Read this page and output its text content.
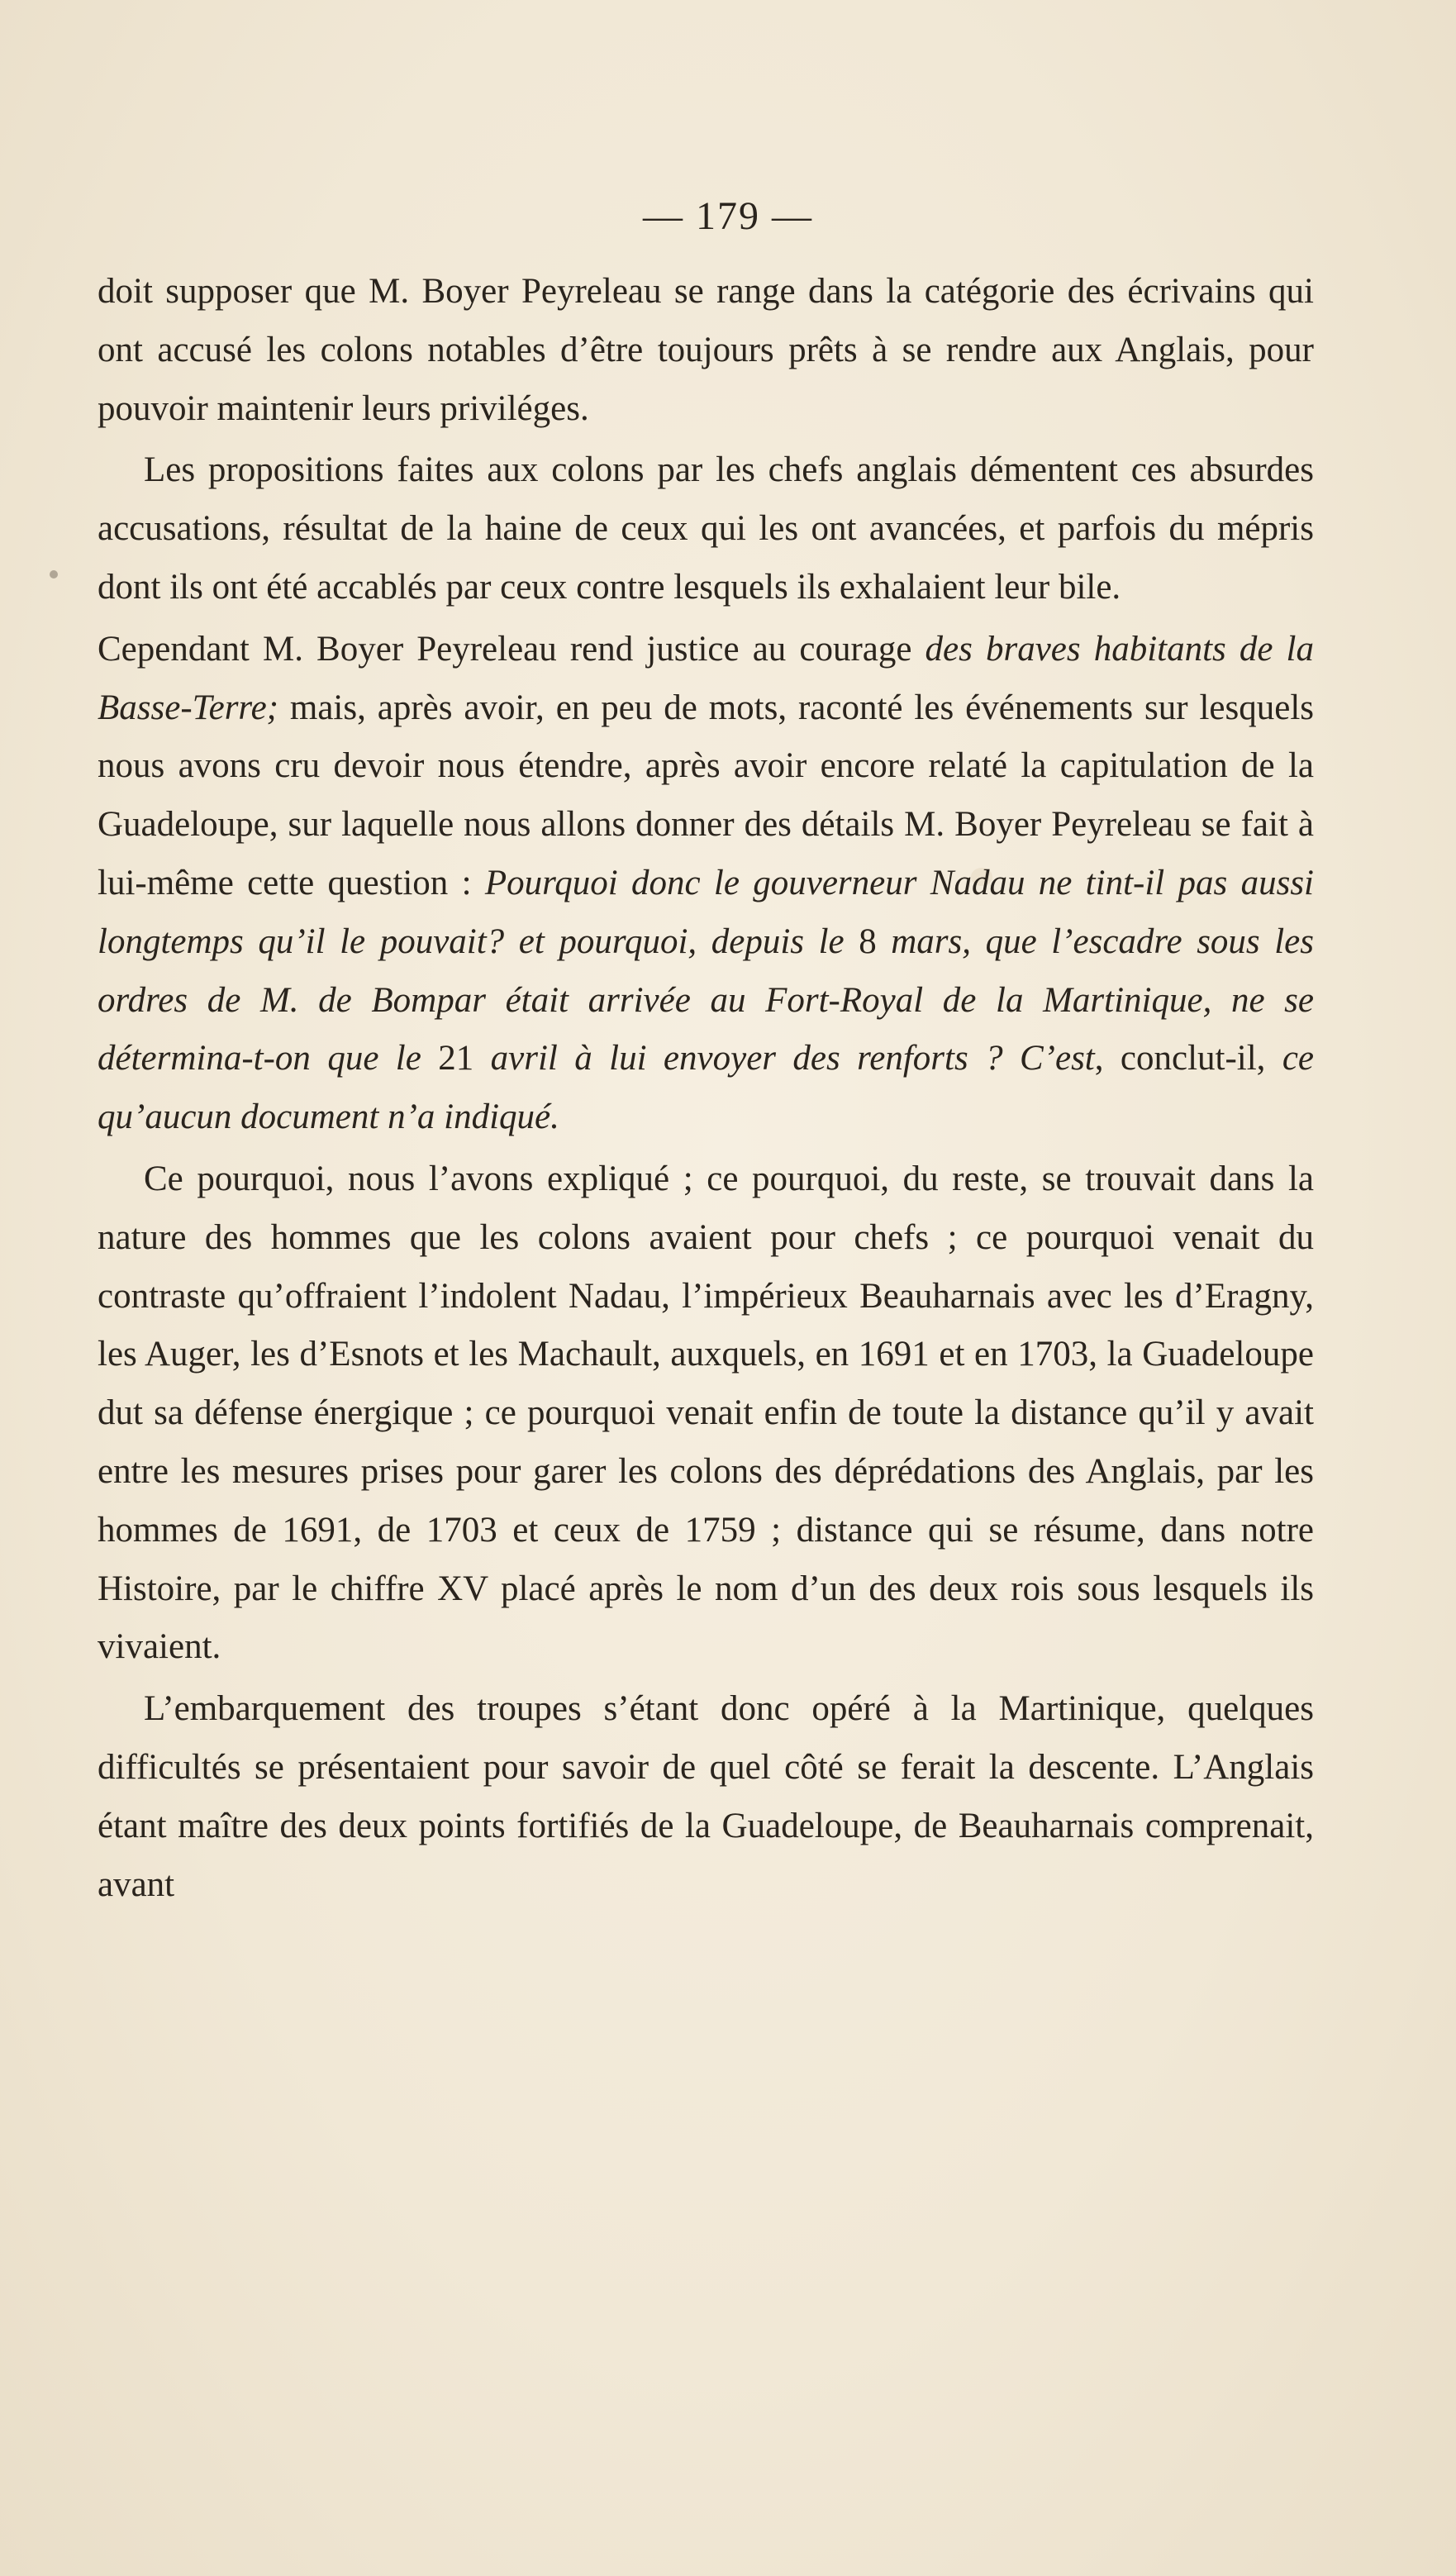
— 179 —

doit supposer que M. Boyer Peyreleau se range dans la catégorie des écrivains qui ont accusé les colons notables d’être toujours prêts à se rendre aux Anglais, pour pouvoir maintenir leurs priviléges.

Les propositions faites aux colons par les chefs anglais démentent ces absurdes accusations, résultat de la haine de ceux qui les ont avancées, et parfois du mépris dont ils ont été accablés par ceux contre lesquels ils exhalaient leur bile.

Cependant M. Boyer Peyreleau rend justice au courage des braves habitants de la Basse-Terre; mais, après avoir, en peu de mots, raconté les événements sur lesquels nous avons cru devoir nous étendre, après avoir encore relaté la capitulation de la Guadeloupe, sur laquelle nous allons donner des détails M. Boyer Peyreleau se fait à lui-même cette question : Pourquoi donc le gouverneur Nadau ne tint-il pas aussi longtemps qu’il le pouvait? et pourquoi, depuis le 8 mars, que l’escadre sous les ordres de M. de Bompar était arrivée au Fort-Royal de la Martinique, ne se détermina-t-on que le 21 avril à lui envoyer des renforts ? C’est, conclut-il, ce qu’aucun document n’a indiqué.

Ce pourquoi, nous l’avons expliqué ; ce pourquoi, du reste, se trouvait dans la nature des hommes que les colons avaient pour chefs ; ce pourquoi venait du contraste qu’offraient l’indolent Nadau, l’impérieux Beauharnais avec les d’Eragny, les Auger, les d’Esnots et les Machault, auxquels, en 1691 et en 1703, la Guadeloupe dut sa défense énergique ; ce pourquoi venait enfin de toute la distance qu’il y avait entre les mesures prises pour garer les colons des déprédations des Anglais, par les hommes de 1691, de 1703 et ceux de 1759 ; distance qui se résume, dans notre Histoire, par le chiffre XV placé après le nom d’un des deux rois sous lesquels ils vivaient.

L’embarquement des troupes s’étant donc opéré à la Martinique, quelques difficultés se présentaient pour savoir de quel côté se ferait la descente. L’Anglais étant maître des deux points fortifiés de la Guadeloupe, de Beauharnais comprenait, avant
